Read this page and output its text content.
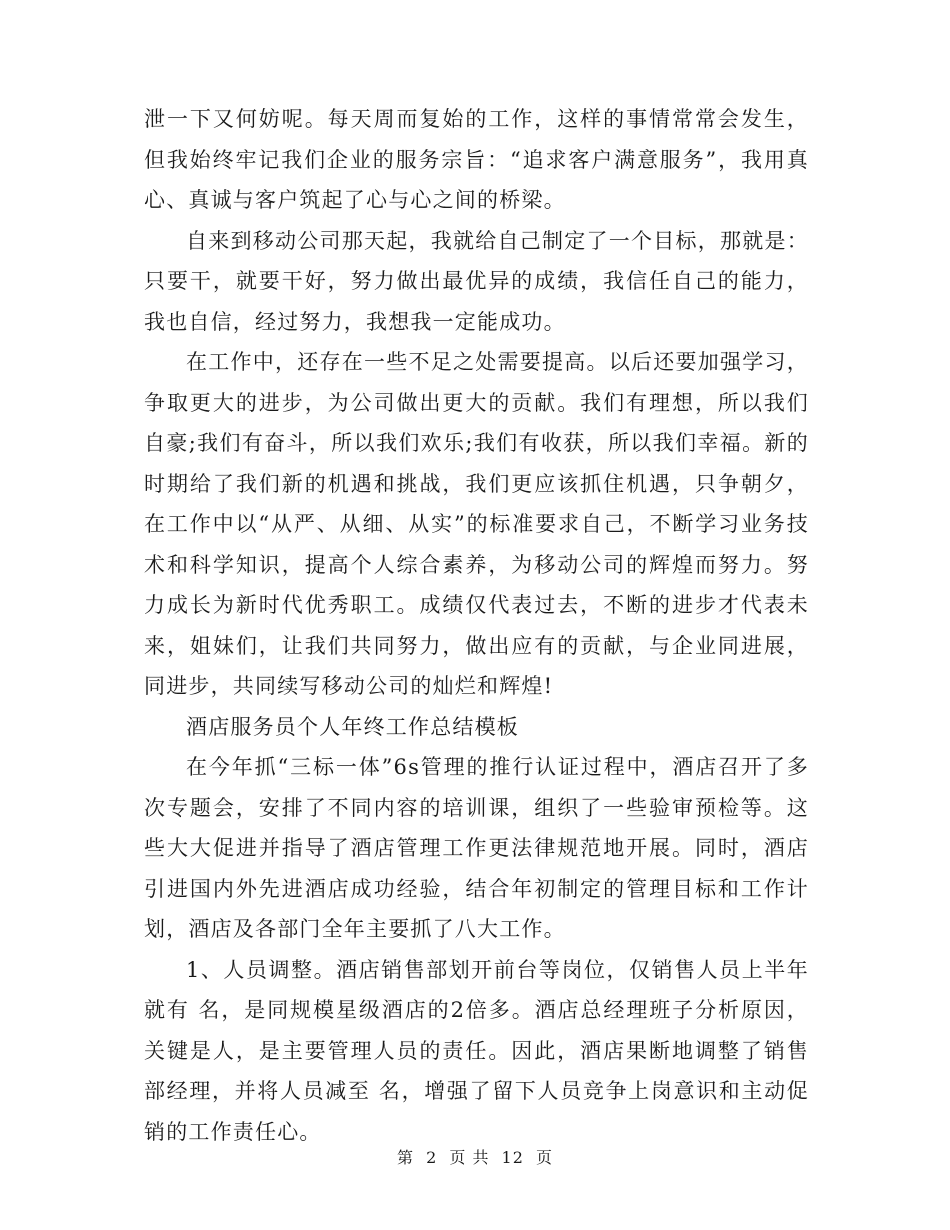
泄一下又何妨呢。每天周而复始的工作，这样的事情常常会发生，但我始终牢记我们企业的服务宗旨：“追求客户满意服务”，我用真心、真诚与客户筑起了心与心之间的桥梁。

自来到移动公司那天起，我就给自己制定了一个目标，那就是：只要干，就要干好，努力做出最优异的成绩，我信任自己的能力，我也自信，经过努力，我想我一定能成功。

在工作中，还存在一些不足之处需要提高。以后还要加强学习，争取更大的进步，为公司做出更大的贡献。我们有理想，所以我们自豪;我们有奋斗，所以我们欢乐;我们有收获，所以我们幸福。新的时期给了我们新的机遇和挑战，我们更应该抓住机遇，只争朝夕，在工作中以“从严、从细、从实”的标准要求自己，不断学习业务技术和科学知识，提高个人综合素养，为移动公司的辉煌而努力。努力成长为新时代优秀职工。成绩仅代表过去，不断的进步才代表未来，姐妹们，让我们共同努力，做出应有的贡献，与企业同进展，同进步，共同续写移动公司的灿烂和辉煌!

酒店服务员个人年终工作总结模板

在今年抓“三标一体”6s管理的推行认证过程中，酒店召开了多次专题会，安排了不同内容的培训课，组织了一些验审预检等。这些大大促进并指导了酒店管理工作更法律规范地开展。同时，酒店引进国内外先进酒店成功经验，结合年初制定的管理目标和工作计划，酒店及各部门全年主要抓了八大工作。

1、人员调整。酒店销售部划开前台等岗位，仅销售人员上半年就有 名，是同规模星级酒店的2倍多。酒店总经理班子分析原因，关键是人，是主要管理人员的责任。因此，酒店果断地调整了销售部经理，并将人员减至 名，增强了留下人员竞争上岗意识和主动促销的工作责任心。

第 2 页 共 12 页
